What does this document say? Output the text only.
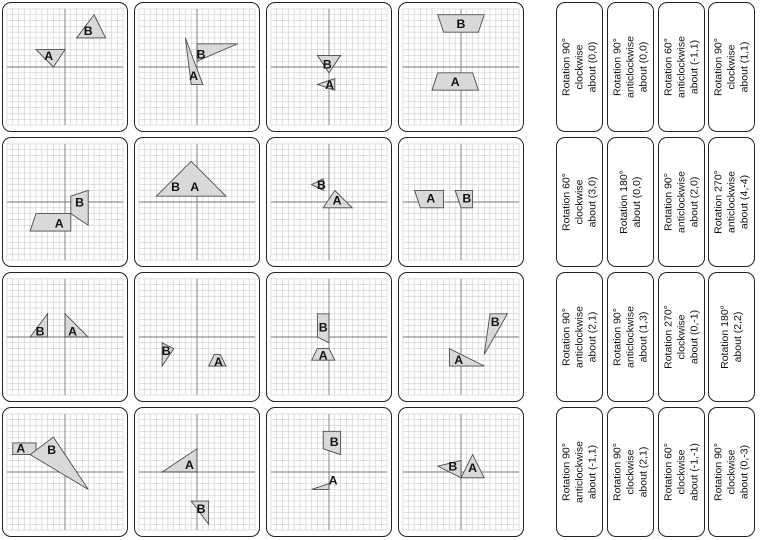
A
B
A
B
B
A
B
A
B
A
B A	B
A	A B
B A
B
A
B
A
B
A
A B
A
B
B
A
B A
Rotation 90° clockwise about (0,0) Rotation 90° anticlockwise about (0,0) Rotation 60° anticlockwise about (-1,1) Rotation 90° clockwise about (1,1)
Rotation 60° clockwise about (3,0) Rotation 180° about (0,0) Rotation 90° anticlockwise about (2,0) Rotation 270° anticlockwise about (4,-4)
Rotation 90° anticlockwise about (2,1) Rotation 90° anticlockwise about (1,3) Rotation 270° clockwise about (0,-1) Rotation 180° about (2,2)
Rotation 90° anticlockwise about (-1,1) Rotation 90° clockwise about (2,1) Rotation 60° clockwise about (-1,-1) Rotation 90° clockwise about (0,-3)
